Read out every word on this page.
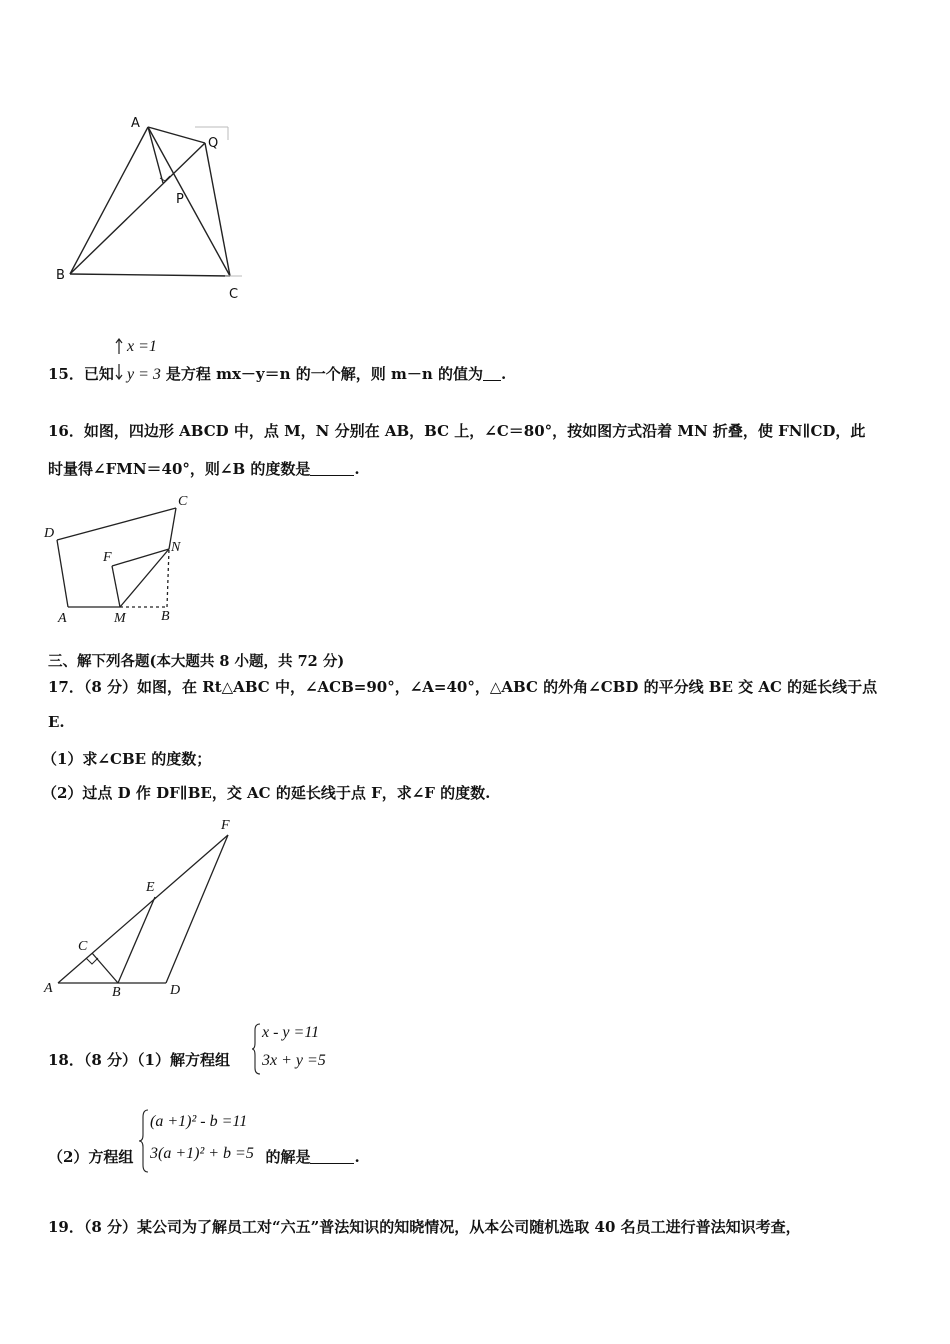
A
Q
P
B
C
15．已知	是方程 mx－y＝n 的一个解，则 m－n 的值为 .
x =1
y = 3
16．如图，四边形 ABCD 中，点 M，N 分别在 AB，BC 上，∠C＝80°，按如图方式沿着 MN 折叠，使 FN∥CD，此
时量得∠FMN＝40°，则∠B 的度数是	.
C
D
F
N
A	M	B
三、解下列各题(本大题共 8 小题，共 72 分)
17．（8 分）如图，在 Rt△ABC 中，∠ACB=90°，∠A=40°，△ABC 的外角∠CBD 的平分线 BE 交 AC 的延长线于点
E.
（1）求∠CBE 的度数；
（2）过点 D 作 DF∥BE，交 AC 的延长线于点 F，求∠F 的度数.
F
E
C
A	B	D
18．（8 分）（1）解方程组
x - y =11
3x + y =5
（2）方程组	的解是	.
(a +1)² - b =11
3(a +1)² + b =5
19．（8 分）某公司为了解员工对“六五”普法知识的知晓情况，从本公司随机选取 40 名员工进行普法知识考查，
